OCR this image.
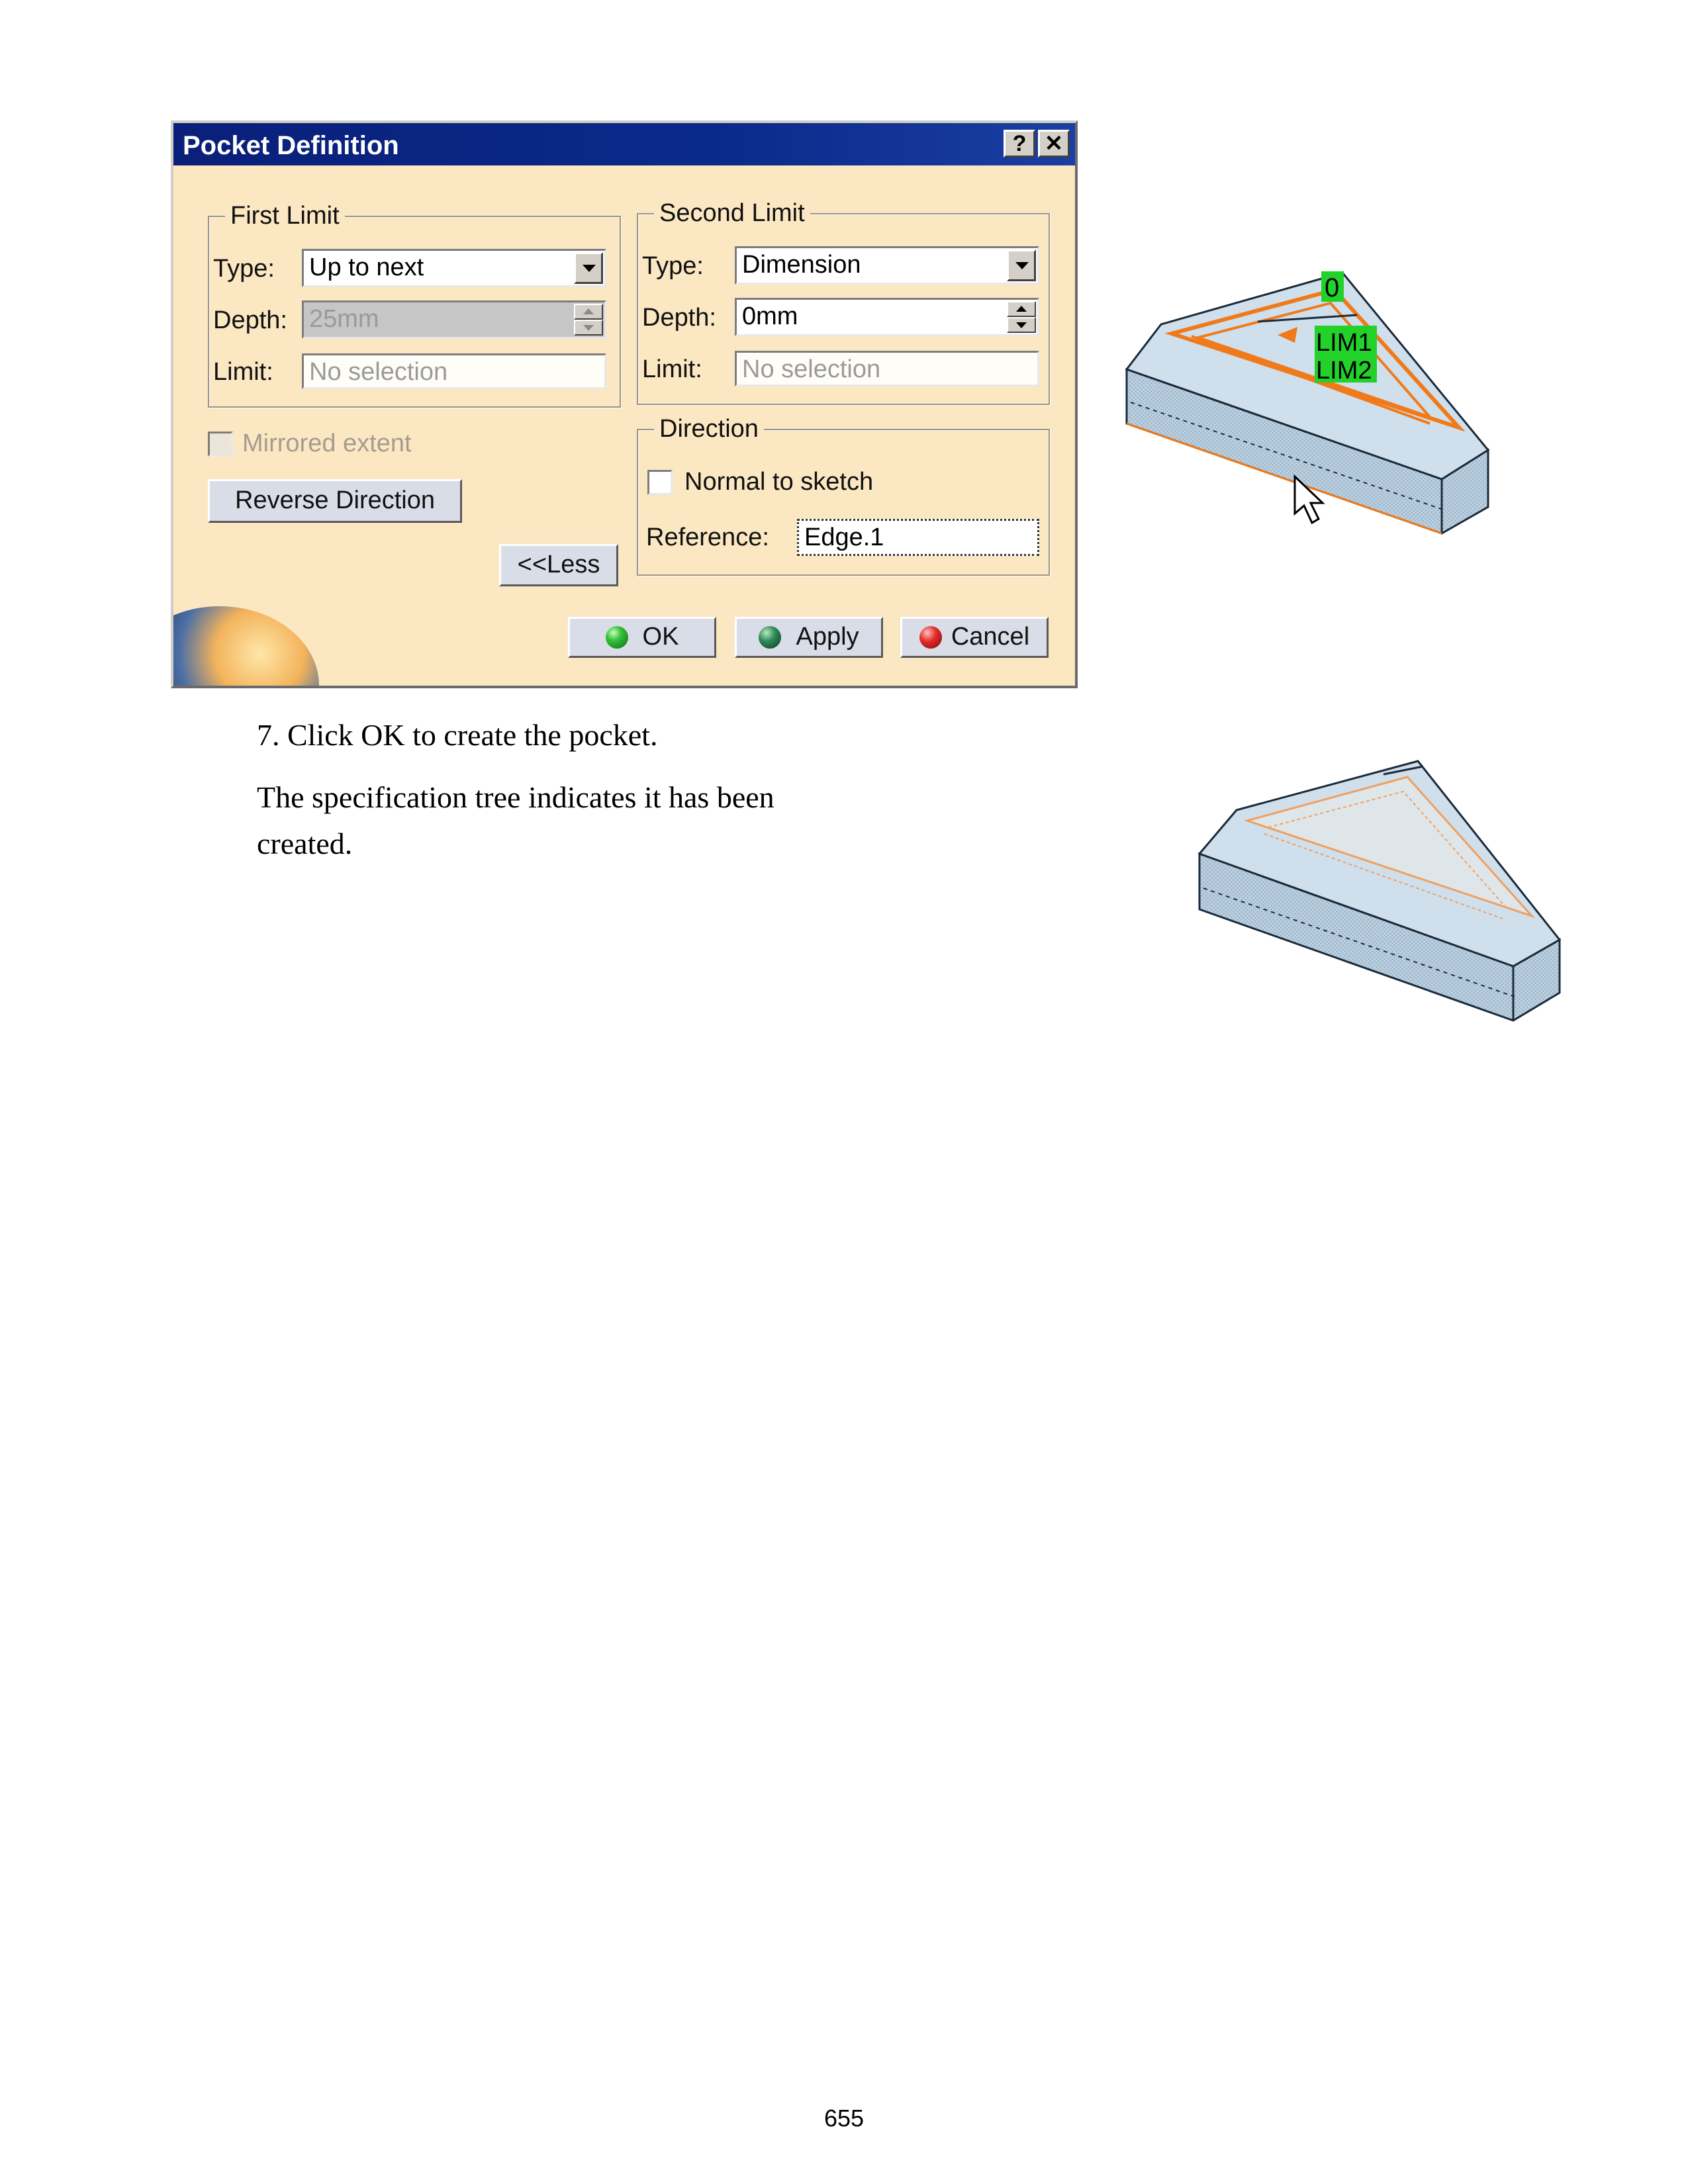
Pocket Definition	? ✕
First Limit
Type: Up to next
Depth: 25mm
Limit: No selection
Mirrored extent
Reverse Direction
<<Less
Second Limit
Type: Dimension
Depth: 0mm
Limit: No selection
Direction
Normal to sketch
Reference: Edge.1
OK	Apply	Cancel
0
LIM1
LIM2
7. Click OK to create the pocket.
The specification tree indicates it has been
created.
655
